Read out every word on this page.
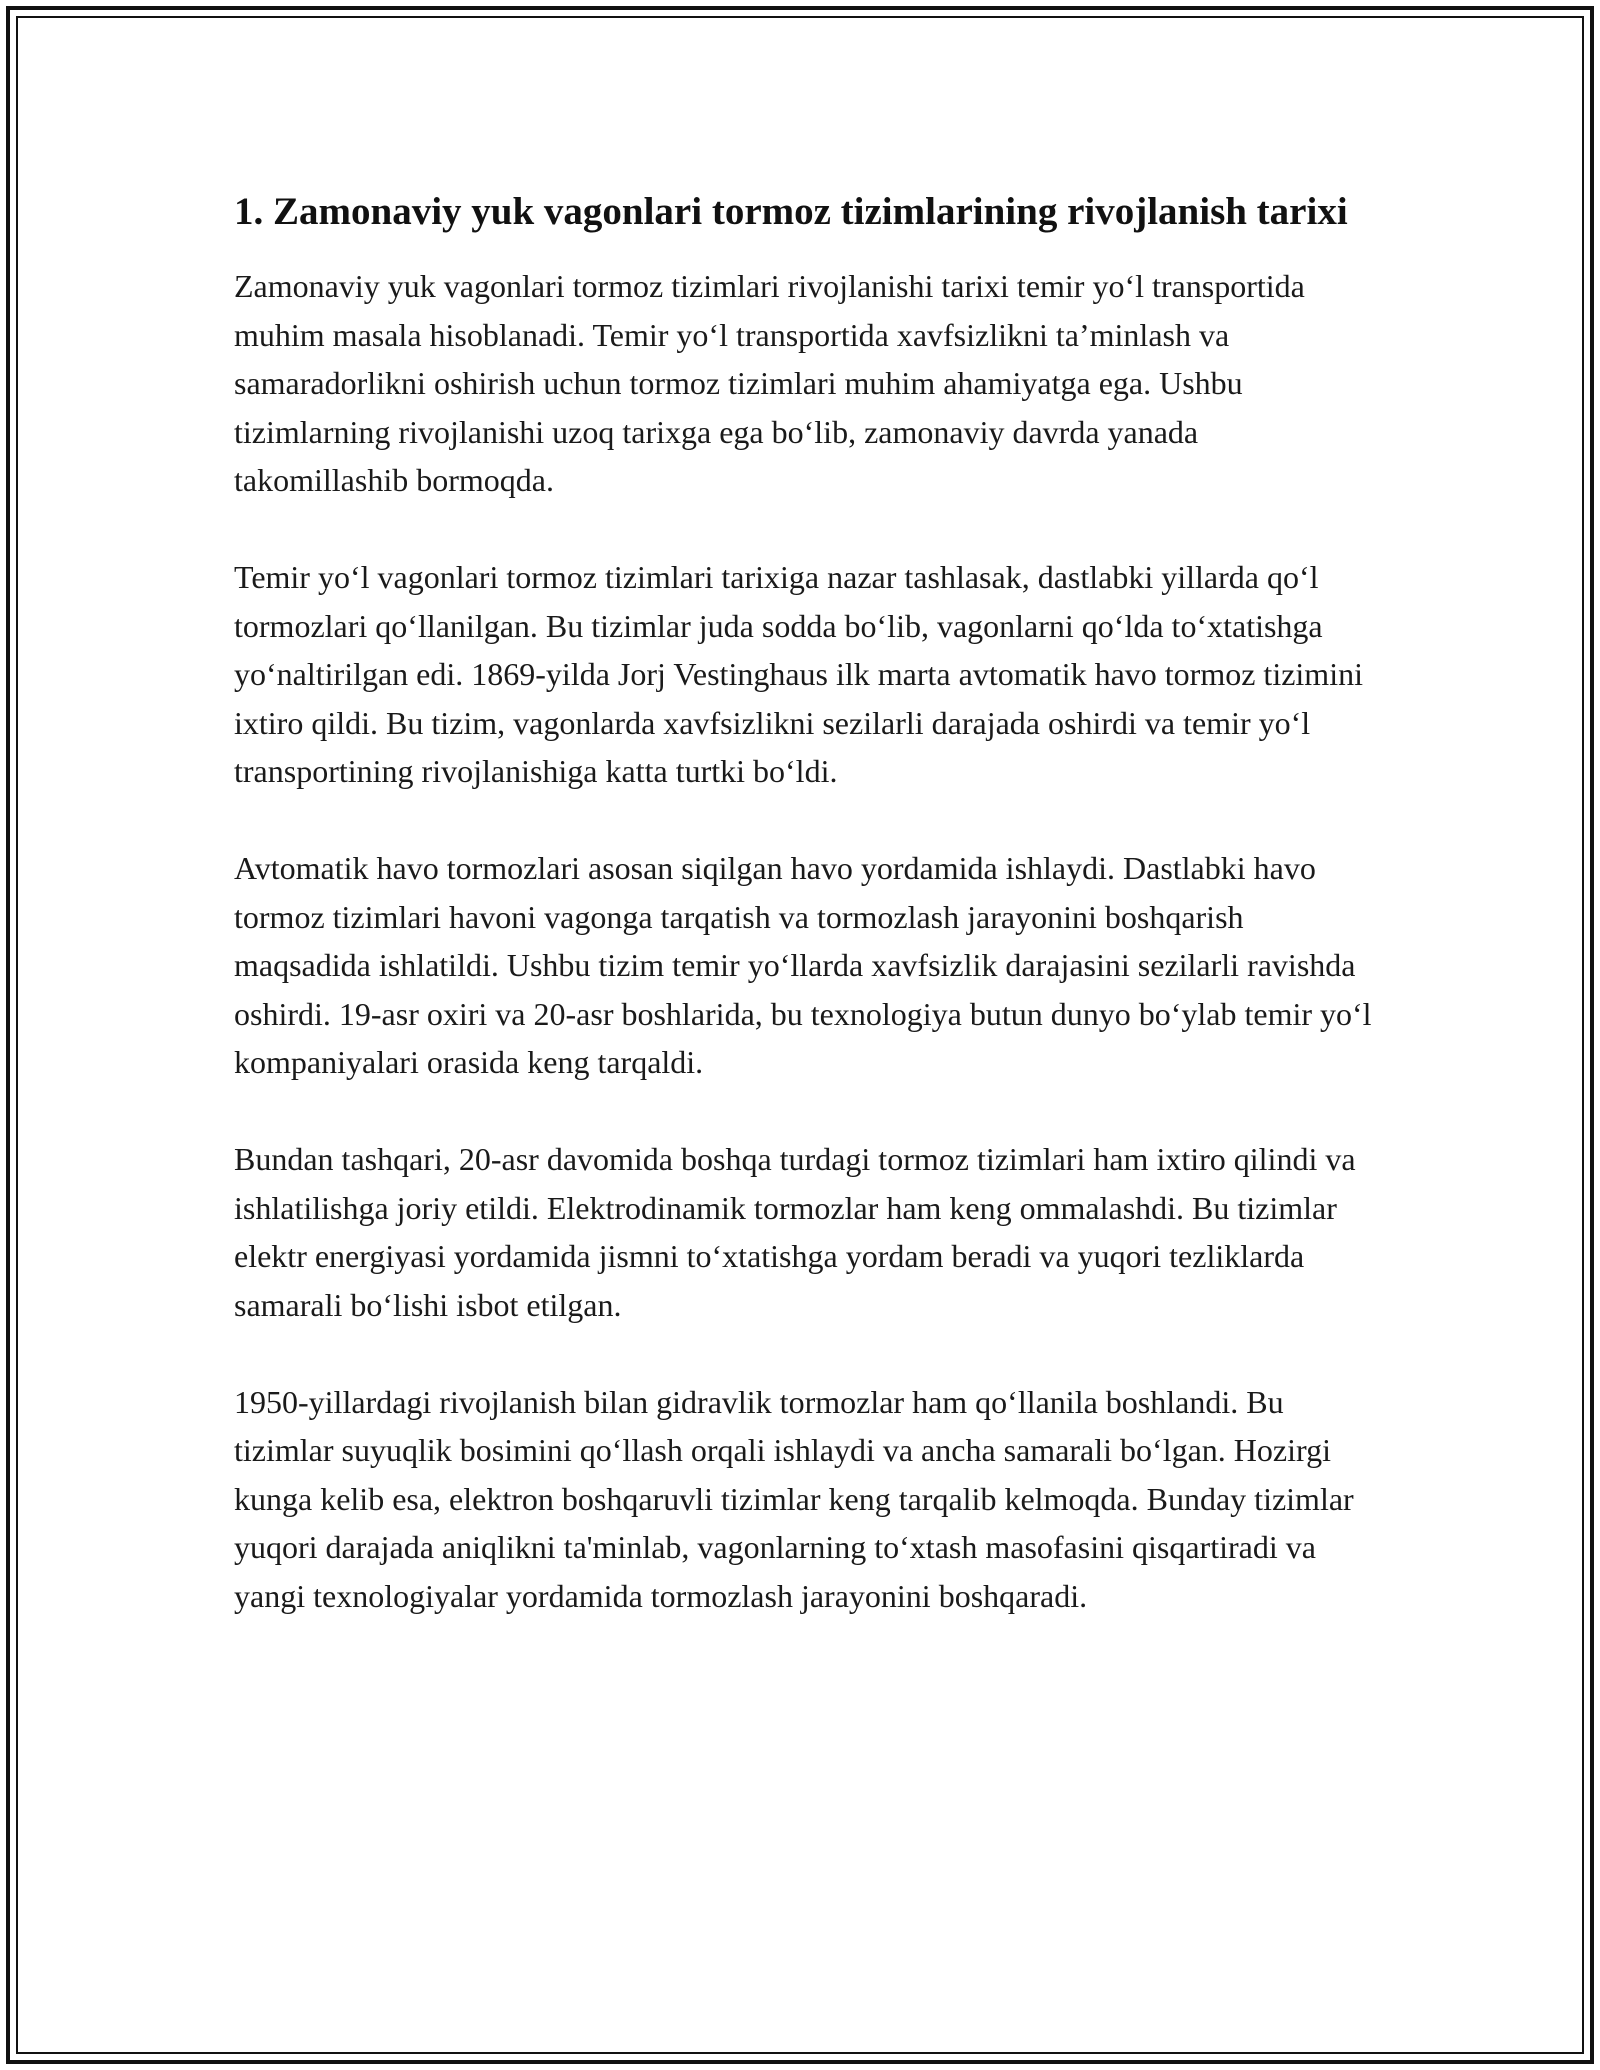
1. Zamonaviy yuk vagonlari tormoz tizimlarining rivojlanish tarixi

Zamonaviy yuk vagonlari tormoz tizimlari rivojlanishi tarixi temir yo‘l transportida muhim masala hisoblanadi. Temir yo‘l transportida xavfsizlikni ta’minlash va samaradorlikni oshirish uchun tormoz tizimlari muhim ahamiyatga ega. Ushbu tizimlarning rivojlanishi uzoq tarixga ega bo‘lib, zamonaviy davrda yanada takomillashib bormoqda.

Temir yo‘l vagonlari tormoz tizimlari tarixiga nazar tashlasak, dastlabki yillarda qo‘l tormozlari qo‘llanilgan. Bu tizimlar juda sodda bo‘lib, vagonlarni qo‘lda to‘xtatishga yo‘naltirilgan edi. 1869-yilda Jorj Vestinghaus ilk marta avtomatik havo tormoz tizimini ixtiro qildi. Bu tizim, vagonlarda xavfsizlikni sezilarli darajada oshirdi va temir yo‘l transportining rivojlanishiga katta turtki bo‘ldi.

Avtomatik havo tormozlari asosan siqilgan havo yordamida ishlaydi. Dastlabki havo tormoz tizimlari havoni vagonga tarqatish va tormozlash jarayonini boshqarish maqsadida ishlatildi. Ushbu tizim temir yo‘llarda xavfsizlik darajasini sezilarli ravishda oshirdi. 19-asr oxiri va 20-asr boshlarida, bu texnologiya butun dunyo bo‘ylab temir yo‘l kompaniyalari orasida keng tarqaldi.

Bundan tashqari, 20-asr davomida boshqa turdagi tormoz tizimlari ham ixtiro qilindi va ishlatilishga joriy etildi. Elektrodinamik tormozlar ham keng ommalashdi. Bu tizimlar elektr energiyasi yordamida jismni to‘xtatishga yordam beradi va yuqori tezliklarda samarali bo‘lishi isbot etilgan.

1950-yillardagi rivojlanish bilan gidravlik tormozlar ham qo‘llanila boshlandi. Bu tizimlar suyuqlik bosimini qo‘llash orqali ishlaydi va ancha samarali bo‘lgan. Hozirgi kunga kelib esa, elektron boshqaruvli tizimlar keng tarqalib kelmoqda. Bunday tizimlar yuqori darajada aniqlikni ta'minlab, vagonlarning to‘xtash masofasini qisqartiradi va yangi texnologiyalar yordamida tormozlash jarayonini boshqaradi.
